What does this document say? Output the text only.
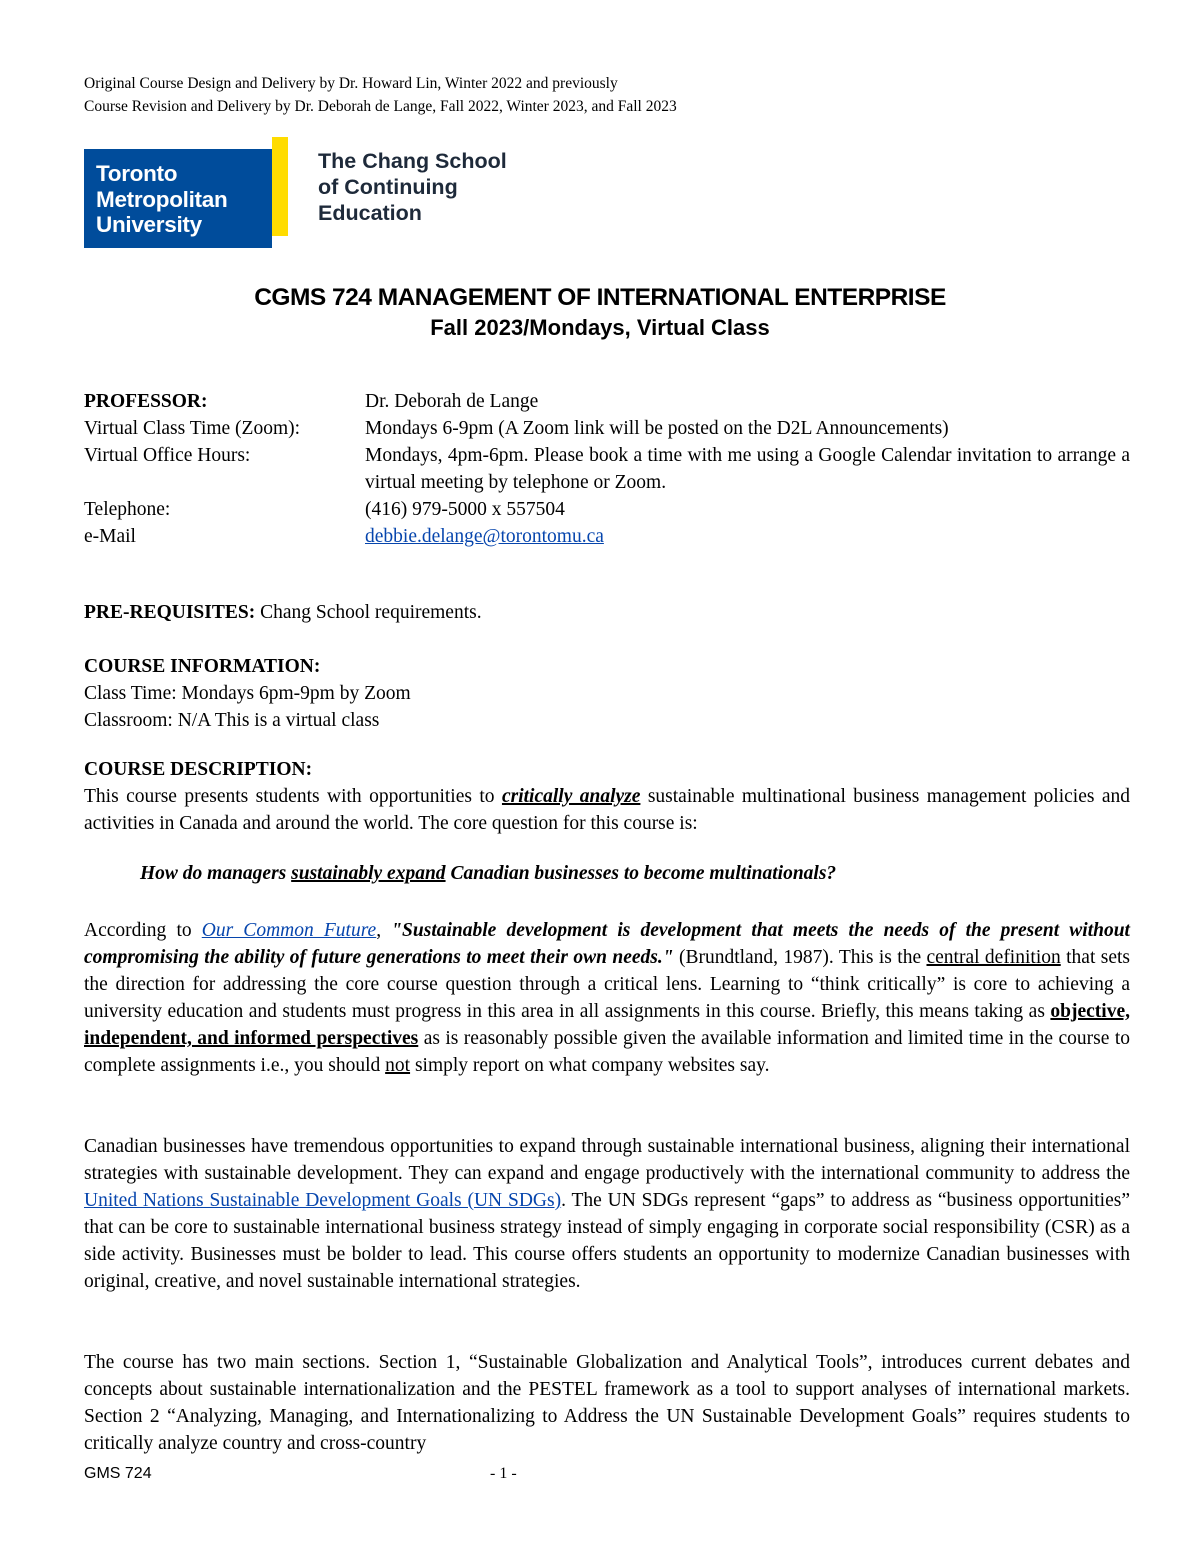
Original Course Design and Delivery by Dr. Howard Lin, Winter 2022 and previously
Course Revision and Delivery by Dr. Deborah de Lange, Fall 2022, Winter 2023, and Fall 2023
Toronto
Metropolitan
University
The Chang School
of Continuing
Education
CGMS 724 MANAGEMENT OF INTERNATIONAL ENTERPRISE
Fall 2023/Mondays, Virtual Class
PROFESSOR:	Dr. Deborah de Lange
Virtual Class Time (Zoom):	Mondays 6-9pm (A Zoom link will be posted on the D2L Announcements)
Virtual Office Hours:	Mondays, 4pm-6pm. Please book a time with me using a Google Calendar invitation to arrange a virtual meeting by telephone or Zoom.
Telephone:	(416) 979-5000 x 557504
e-Mail	debbie.delange@torontomu.ca
PRE-REQUISITES: Chang School requirements.
COURSE INFORMATION:
Class Time: Mondays 6pm-9pm by Zoom
Classroom: N/A This is a virtual class
COURSE DESCRIPTION:
This course presents students with opportunities to critically analyze sustainable multinational business management policies and activities in Canada and around the world. The core question for this course is:
How do managers sustainably expand Canadian businesses to become multinationals?
According to Our Common Future, "Sustainable development is development that meets the needs of the present without compromising the ability of future generations to meet their own needs." (Brundtland, 1987). This is the central definition that sets the direction for addressing the core course question through a critical lens. Learning to “think critically” is core to achieving a university education and students must progress in this area in all assignments in this course. Briefly, this means taking as objective, independent, and informed perspectives as is reasonably possible given the available information and limited time in the course to complete assignments i.e., you should not simply report on what company websites say.
Canadian businesses have tremendous opportunities to expand through sustainable international business, aligning their international strategies with sustainable development. They can expand and engage productively with the international community to address the United Nations Sustainable Development Goals (UN SDGs). The UN SDGs represent “gaps” to address as “business opportunities” that can be core to sustainable international business strategy instead of simply engaging in corporate social responsibility (CSR) as a side activity. Businesses must be bolder to lead. This course offers students an opportunity to modernize Canadian businesses with original, creative, and novel sustainable international strategies.
The course has two main sections. Section 1, “Sustainable Globalization and Analytical Tools”, introduces current debates and concepts about sustainable internationalization and the PESTEL framework as a tool to support analyses of international markets. Section 2 “Analyzing, Managing, and Internationalizing to Address the UN Sustainable Development Goals” requires students to critically analyze country and cross-country
GMS 724	- 1 -
